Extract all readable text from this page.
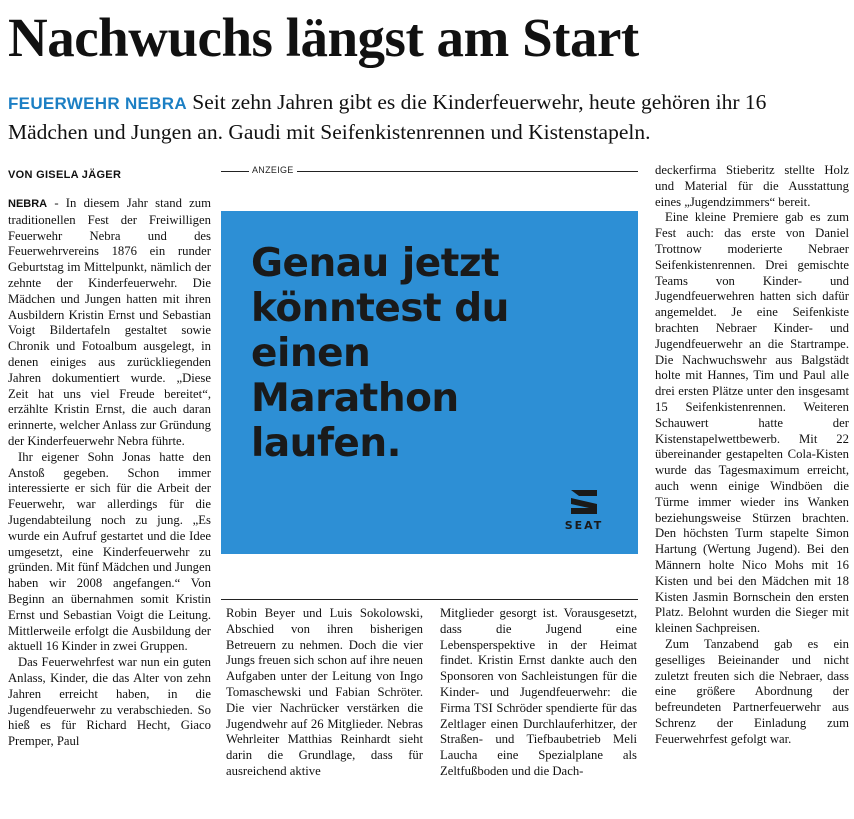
Nachwuchs längst am Start
FEUERWEHR NEBRA Seit zehn Jahren gibt es die Kinderfeuerwehr, heute gehören ihr 16 Mädchen und Jungen an. Gaudi mit Seifenkistenrennen und Kistenstapeln.
VON GISELA JÄGER

NEBRA - In diesem Jahr stand zum traditionellen Fest der Freiwilligen Feuerwehr Nebra und des Feuerwehrvereins 1876 ein runder Geburtstag im Mittelpunkt, nämlich der zehnte der Kinderfeuerwehr. Die Mädchen und Jungen hatten mit ihren Ausbildern Kristin Ernst und Sebastian Voigt Bildertafeln gestaltet sowie Chronik und Fotoalbum ausgelegt, in denen einiges aus zurückliegenden Jahren dokumentiert wurde. „Diese Zeit hat uns viel Freude bereitet“, erzählte Kristin Ernst, die auch daran erinnerte, welcher Anlass zur Gründung der Kinderfeuerwehr Nebra führte.

Ihr eigener Sohn Jonas hatte den Anstoß gegeben. Schon immer interessierte er sich für die Arbeit der Feuerwehr, war allerdings für die Jugendabteilung noch zu jung. „Es wurde ein Aufruf gestartet und die Idee umgesetzt, eine Kinderfeuerwehr zu gründen. Mit fünf Mädchen und Jungen haben wir 2008 angefangen.“ Von Beginn an übernahmen somit Kristin Ernst und Sebastian Voigt die Leitung. Mittlerweile erfolgt die Ausbildung der aktuell 16 Kinder in zwei Gruppen.

Das Feuerwehrfest war nun ein guten Anlass, Kinder, die das Alter von zehn Jahren erreicht haben, in die Jugendfeuerwehr zu verabschieden. So hieß es für Richard Hecht, Giaco Premper, Paul

ANZEIGE
Genau jetzt
könntest du
einen
Marathon
laufen.
SEAT

Robin Beyer und Luis Sokolowski, Abschied von ihren bisherigen Betreuern zu nehmen. Doch die vier Jungs freuen sich schon auf ihre neuen Aufgaben unter der Leitung von Ingo Tomaschewski und Fabian Schröter. Die vier Nachrücker verstärken die Jugendwehr auf 26 Mitglieder. Nebras Wehrleiter Matthias Reinhardt sieht darin die Grundlage, dass für ausreichend aktive

Mitglieder gesorgt ist. Vorausgesetzt, dass die Jugend eine Lebensperspektive in der Heimat findet. Kristin Ernst dankte auch den Sponsoren von Sachleistungen für die Kinder- und Jugendfeuerwehr: die Firma TSI Schröder spendierte für das Zeltlager einen Durchlauferhitzer, der Straßen- und Tiefbaubetrieb Meli Laucha eine Spezialplane als Zeltfußboden und die Dach-

deckerfirma Stieberitz stellte Holz und Material für die Ausstattung eines „Jugendzimmers“ bereit.

Eine kleine Premiere gab es zum Fest auch: das erste von Daniel Trottnow moderierte Nebraer Seifenkistenrennen. Drei gemischte Teams von Kinder- und Jugendfeuerwehren hatten sich dafür angemeldet. Je eine Seifenkiste brachten Nebraer Kinder- und Jugendfeuerwehr an die Startrampe. Die Nachwuchswehr aus Balgstädt holte mit Hannes, Tim und Paul alle drei ersten Plätze unter den insgesamt 15 Seifenkistenrennen. Weiteren Schauwert hatte der Kistenstapelwettbewerb. Mit 22 übereinander gestapelten Cola-Kisten wurde das Tagesmaximum erreicht, auch wenn einige Windböen die Türme immer wieder ins Wanken beziehungsweise Stürzen brachten. Den höchsten Turm stapelte Simon Hartung (Wertung Jugend). Bei den Männern holte Nico Mohs mit 16 Kisten und bei den Mädchen mit 18 Kisten Jasmin Bornschein den ersten Platz. Belohnt wurden die Sieger mit kleinen Sachpreisen.

Zum Tanzabend gab es ein geselliges Beieinander und nicht zuletzt freuten sich die Nebraer, dass eine größere Abordnung der befreundeten Partnerfeuerwehr aus Schrenz der Einladung zum Feuerwehrfest gefolgt war.
